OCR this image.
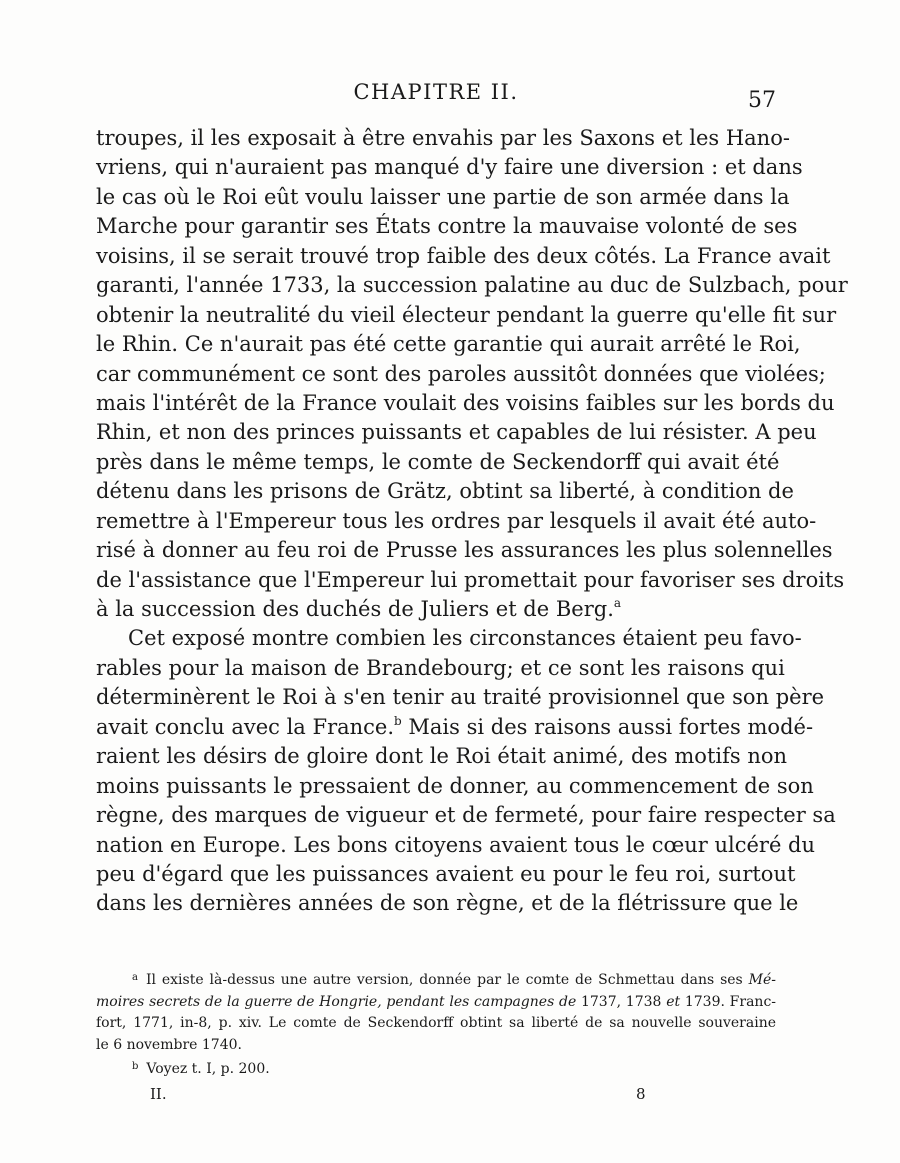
CHAPITRE II.	57
troupes, il les exposait à être envahis par les Saxons et les Hano-
vriens, qui n'auraient pas manqué d'y faire une diversion : et dans
le cas où le Roi eût voulu laisser une partie de son armée dans la
Marche pour garantir ses États contre la mauvaise volonté de ses
voisins, il se serait trouvé trop faible des deux côtés. La France avait
garanti, l'année 1733, la succession palatine au duc de Sulzbach, pour
obtenir la neutralité du vieil électeur pendant la guerre qu'elle fit sur
le Rhin. Ce n'aurait pas été cette garantie qui aurait arrêté le Roi,
car communément ce sont des paroles aussitôt données que violées;
mais l'intérêt de la France voulait des voisins faibles sur les bords du
Rhin, et non des princes puissants et capables de lui résister. A peu
près dans le même temps, le comte de Seckendorff qui avait été
détenu dans les prisons de Grätz, obtint sa liberté, à condition de
remettre à l'Empereur tous les ordres par lesquels il avait été auto-
risé à donner au feu roi de Prusse les assurances les plus solennelles
de l'assistance que l'Empereur lui promettait pour favoriser ses droits
à la succession des duchés de Juliers et de Berg.$^a$
Cet exposé montre combien les circonstances étaient peu favo-
rables pour la maison de Brandebourg; et ce sont les raisons qui
déterminèrent le Roi à s'en tenir au traité provisionnel que son père
avait conclu avec la France.$^b$ Mais si des raisons aussi fortes modé-
raient les désirs de gloire dont le Roi était animé, des motifs non
moins puissants le pressaient de donner, au commencement de son
règne, des marques de vigueur et de fermeté, pour faire respecter sa
nation en Europe. Les bons citoyens avaient tous le cœur ulcéré du
peu d'égard que les puissances avaient eu pour le feu roi, surtout
dans les dernières années de son règne, et de la flétrissure que le
$^a$ Il existe là-dessus une autre version, donnée par le comte de Schmettau dans ses Mé-
moires secrets de la guerre de Hongrie, pendant les campagnes de 1737, 1738 et 1739. Franc-
fort, 1771, in-8, p. xiv. Le comte de Seckendorff obtint sa liberté de sa nouvelle souveraine
le 6 novembre 1740.
$^b$ Voyez t. I, p. 200.
II.	8
